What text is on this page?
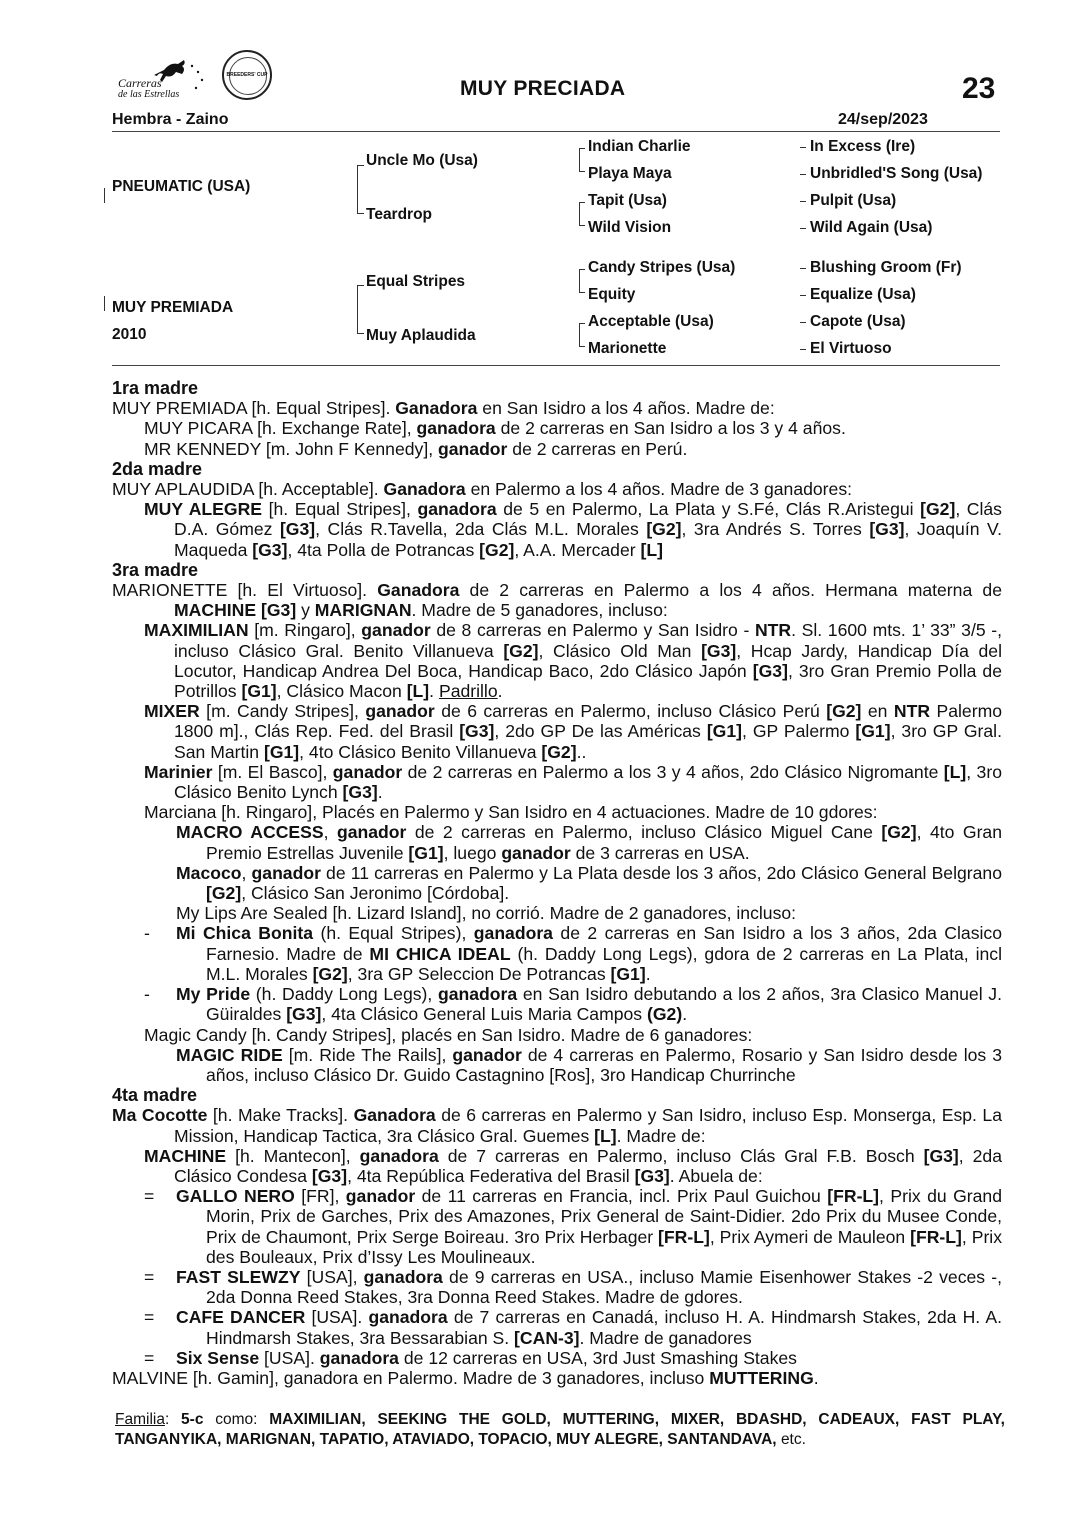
Carreras
de las Estrellas
BREEDERS' CUP
MUY PRECIADA	23
Hembra - Zaino	24/sep/2023
PNEUMATIC (USA)
MUY PREMIADA
2010
Uncle Mo (Usa)
Teardrop
Equal Stripes
Muy Aplaudida
Indian Charlie
Playa Maya
Tapit (Usa)
Wild Vision
Candy Stripes (Usa)
Equity
Acceptable (Usa)
Marionette
In Excess (Ire)
Unbridled'S Song (Usa)
Pulpit (Usa)
Wild Again (Usa)
Blushing Groom (Fr)
Equalize (Usa)
Capote (Usa)
El Virtuoso
1ra madre
MUY PREMIADA [h. Equal Stripes]. Ganadora en San Isidro a los 4 años. Madre de:
MUY PICARA [h. Exchange Rate], ganadora de 2 carreras en San Isidro a los 3 y 4 años.
MR KENNEDY [m. John F Kennedy], ganador de 2 carreras en Perú.
2da madre
MUY APLAUDIDA [h. Acceptable]. Ganadora en Palermo a los 4 años. Madre de 3 ganadores:
MUY ALEGRE [h. Equal Stripes], ganadora de 5 en Palermo, La Plata y S.Fé, Clás R.Aristegui [G2], Clás D.A. Gómez [G3], Clás R.Tavella, 2da Clás M.L. Morales [G2], 3ra Andrés S. Torres [G3], Joaquín V. Maqueda [G3], 4ta Polla de Potrancas [G2], A.A. Mercader [L]
3ra madre
MARIONETTE [h. El Virtuoso]. Ganadora de 2 carreras en Palermo a los 4 años. Hermana materna de MACHINE [G3] y MARIGNAN. Madre de 5 ganadores, incluso:
MAXIMILIAN [m. Ringaro], ganador de 8 carreras en Palermo y San Isidro - NTR. Sl. 1600 mts. 1’ 33” 3/5 -, incluso Clásico Gral. Benito Villanueva [G2], Clásico Old Man [G3], Hcap Jardy, Handicap Día del Locutor, Handicap Andrea Del Boca, Handicap Baco, 2do Clásico Japón [G3], 3ro Gran Premio Polla de Potrillos [G1], Clásico Macon [L]. Padrillo.
MIXER [m. Candy Stripes], ganador de 6 carreras en Palermo, incluso Clásico Perú [G2] en NTR Palermo 1800 m]., Clás Rep. Fed. del Brasil [G3], 2do GP De las Américas [G1], GP Palermo [G1], 3ro GP Gral. San Martin [G1], 4to Clásico Benito Villanueva [G2]..
Marinier [m. El Basco], ganador de 2 carreras en Palermo a los 3 y 4 años, 2do Clásico Nigromante [L], 3ro Clásico Benito Lynch [G3].
Marciana [h. Ringaro], Placés en Palermo y San Isidro en 4 actuaciones. Madre de 10 gdores:
MACRO ACCESS, ganador de 2 carreras en Palermo, incluso Clásico Miguel Cane [G2], 4to Gran Premio Estrellas Juvenile [G1], luego ganador de 3 carreras en USA.
Macoco, ganador de 11 carreras en Palermo y La Plata desde los 3 años, 2do Clásico General Belgrano [G2], Clásico San Jeronimo [Córdoba].
My Lips Are Sealed [h. Lizard Island], no corrió. Madre de 2 ganadores, incluso:
- Mi Chica Bonita (h. Equal Stripes), ganadora de 2 carreras en San Isidro a los 3 años, 2da Clasico Farnesio. Madre de MI CHICA IDEAL (h. Daddy Long Legs), gdora de 2 carreras en La Plata, incl M.L. Morales [G2], 3ra GP Seleccion De Potrancas [G1].
- My Pride (h. Daddy Long Legs), ganadora en San Isidro debutando a los 2 años, 3ra Clasico Manuel J. Güiraldes [G3], 4ta Clásico General Luis Maria Campos (G2).
Magic Candy [h. Candy Stripes], placés en San Isidro. Madre de 6 ganadores:
MAGIC RIDE [m. Ride The Rails], ganador de 4 carreras en Palermo, Rosario y San Isidro desde los 3 años, incluso Clásico Dr. Guido Castagnino [Ros], 3ro Handicap Churrinche
4ta madre
Ma Cocotte [h. Make Tracks]. Ganadora de 6 carreras en Palermo y San Isidro, incluso Esp. Monserga, Esp. La Mission, Handicap Tactica, 3ra Clásico Gral. Guemes [L]. Madre de:
MACHINE [h. Mantecon], ganadora de 7 carreras en Palermo, incluso Clás Gral F.B. Bosch [G3], 2da Clásico Condesa [G3], 4ta República Federativa del Brasil [G3]. Abuela de:
= GALLO NERO [FR], ganador de 11 carreras en Francia, incl. Prix Paul Guichou [FR-L], Prix du Grand Morin, Prix de Garches, Prix des Amazones, Prix General de Saint-Didier. 2do Prix du Musee Conde, Prix de Chaumont, Prix Serge Boireau. 3ro Prix Herbager [FR-L], Prix Aymeri de Mauleon [FR-L], Prix des Bouleaux, Prix d’Issy Les Moulineaux.
= FAST SLEWZY [USA], ganadora de 9 carreras en USA., incluso Mamie Eisenhower Stakes -2 veces -, 2da Donna Reed Stakes, 3ra Donna Reed Stakes. Madre de gdores.
= CAFE DANCER [USA]. ganadora de 7 carreras en Canadá, incluso H. A. Hindmarsh Stakes, 2da H. A. Hindmarsh Stakes, 3ra Bessarabian S. [CAN-3]. Madre de ganadores
= Six Sense [USA]. ganadora de 12 carreras en USA, 3rd Just Smashing Stakes
MALVINE [h. Gamin], ganadora en Palermo. Madre de 3 ganadores, incluso MUTTERING.
Familia: 5-c como: MAXIMILIAN, SEEKING THE GOLD, MUTTERING, MIXER, BDASHD, CADEAUX, FAST PLAY, TANGANYIKA, MARIGNAN, TAPATIO, ATAVIADO, TOPACIO, MUY ALEGRE, SANTANDAVA, etc.
